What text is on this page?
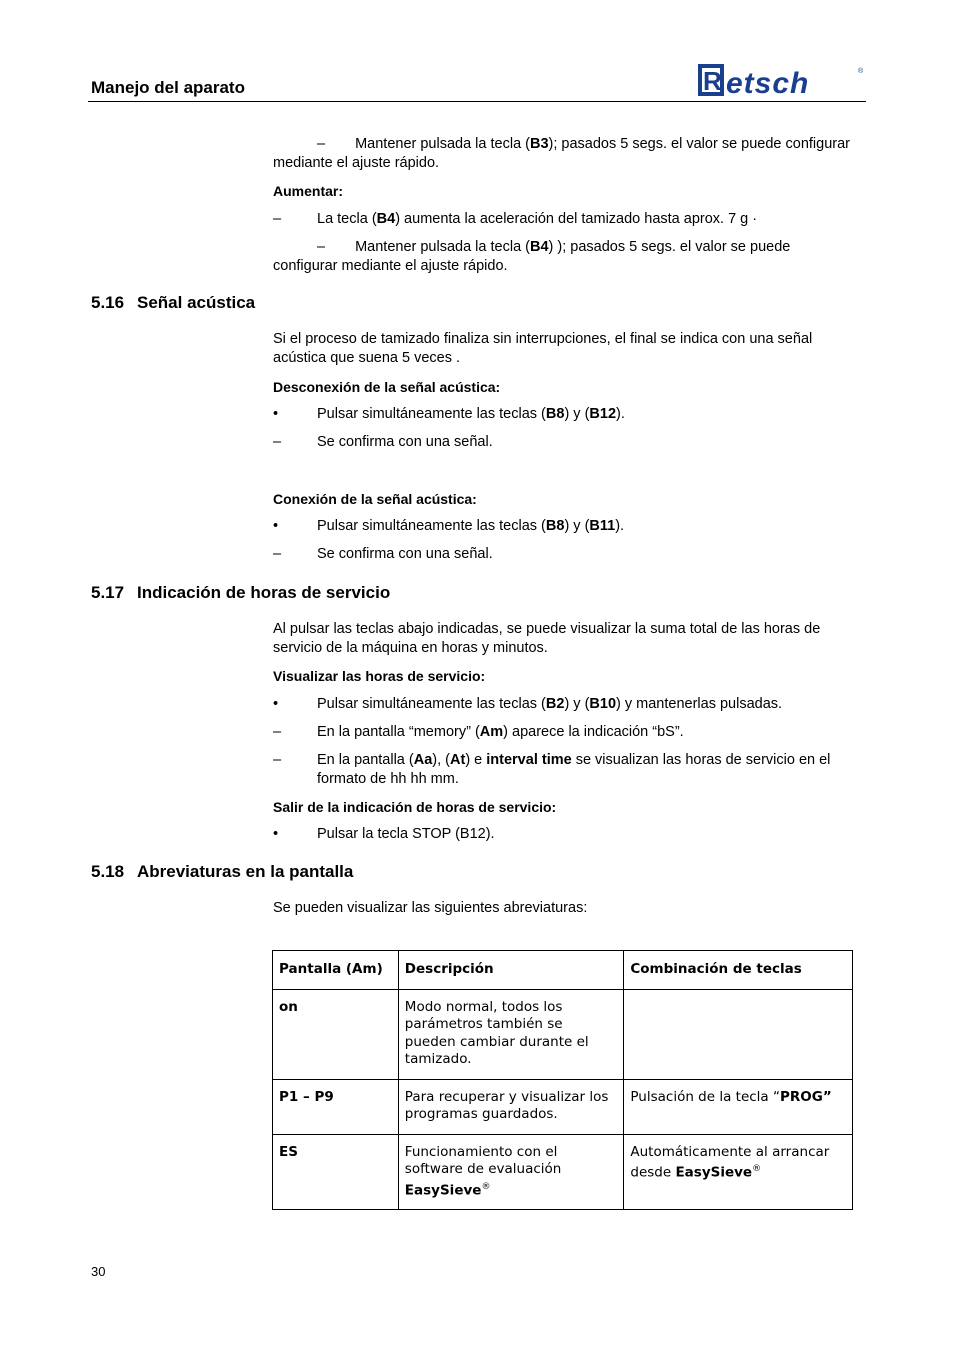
Manejo del aparato	R etsch	®
– Mantener pulsada la tecla (B3); pasados 5 segs. el valor se puede configurar mediante el ajuste rápido.
Aumentar:
– La tecla (B4) aumenta la aceleración del tamizado hasta aprox. 7 g ·
– Mantener pulsada la tecla (B4) ); pasados 5 segs. el valor se puede configurar mediante el ajuste rápido.
5.16 Señal acústica
Si el proceso de tamizado finaliza sin interrupciones, el final se indica con una señal acústica que suena 5 veces .
Desconexión de la señal acústica:
•	Pulsar simultáneamente las teclas (B8) y (B12).
– Se confirma con una señal.
Conexión de la señal acústica:
•	Pulsar simultáneamente las teclas (B8) y (B11).
– Se confirma con una señal.
5.17 Indicación de horas de servicio
Al pulsar las teclas abajo indicadas, se puede visualizar la suma total de las horas de servicio de la máquina en horas y minutos.
Visualizar las horas de servicio:
•	Pulsar simultáneamente las teclas (B2) y (B10) y mantenerlas pulsadas.
– En la pantalla “memory” (Am) aparece la indicación “bS”.
– En la pantalla (Aa), (At) e interval time se visualizan las horas de servicio en el formato de hh hh mm.
Salir de la indicación de horas de servicio:
•	Pulsar la tecla STOP (B12).
5.18 Abreviaturas en la pantalla
Se pueden visualizar las siguientes abreviaturas:
Pantalla (Am)	Descripción	Combinación de teclas
on	Modo normal, todos los parámetros también se pueden cambiar durante el tamizado.	
P1 – P9	Para recuperar y visualizar los programas guardados.	Pulsación de la tecla “PROG”
ES	Funcionamiento con el software de evaluación EasySieve®	Automáticamente al arrancar desde EasySieve®
30
